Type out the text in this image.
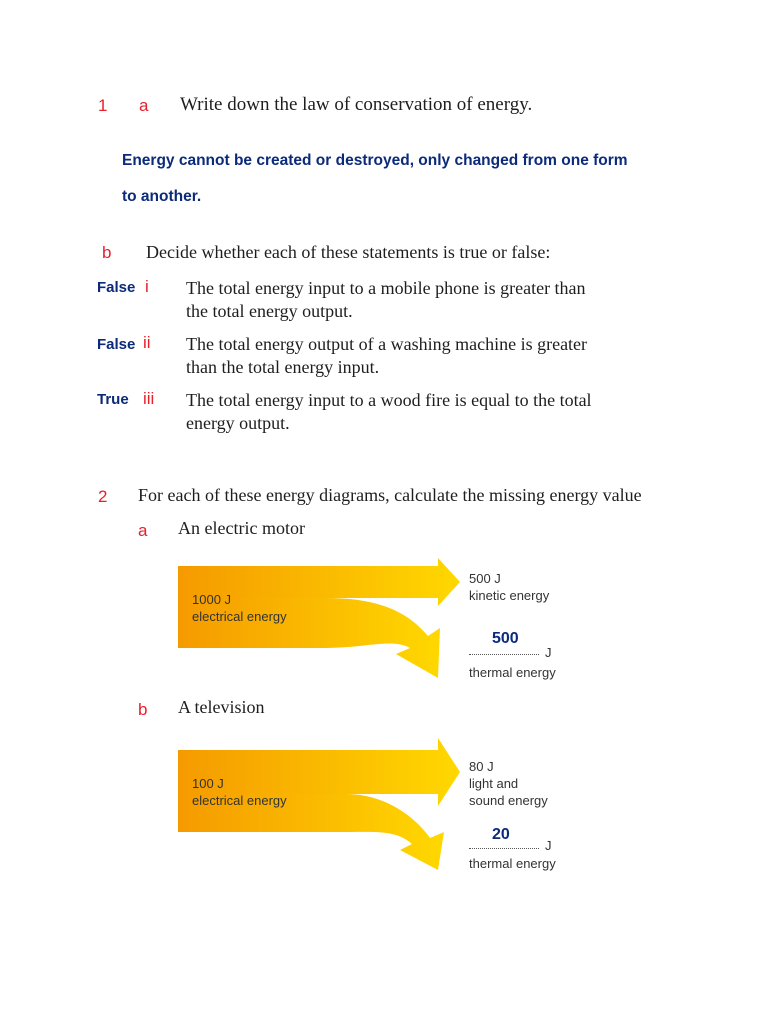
1 a Write down the law of conservation of energy.
Energy cannot be created or destroyed, only changed from one form
to another.
b Decide whether each of these statements is true or false:
False i The total energy input to a mobile phone is greater than
the total energy output.
False ii The total energy output of a washing machine is greater
than the total energy input.
True iii The total energy input to a wood fire is equal to the total
energy output.
2 For each of these energy diagrams, calculate the missing energy value
a An electric motor
1000 J
electrical energy
500 J
kinetic energy
500
J
thermal energy
b A television
100 J
electrical energy
80 J
light and
sound energy
20
J
thermal energy
